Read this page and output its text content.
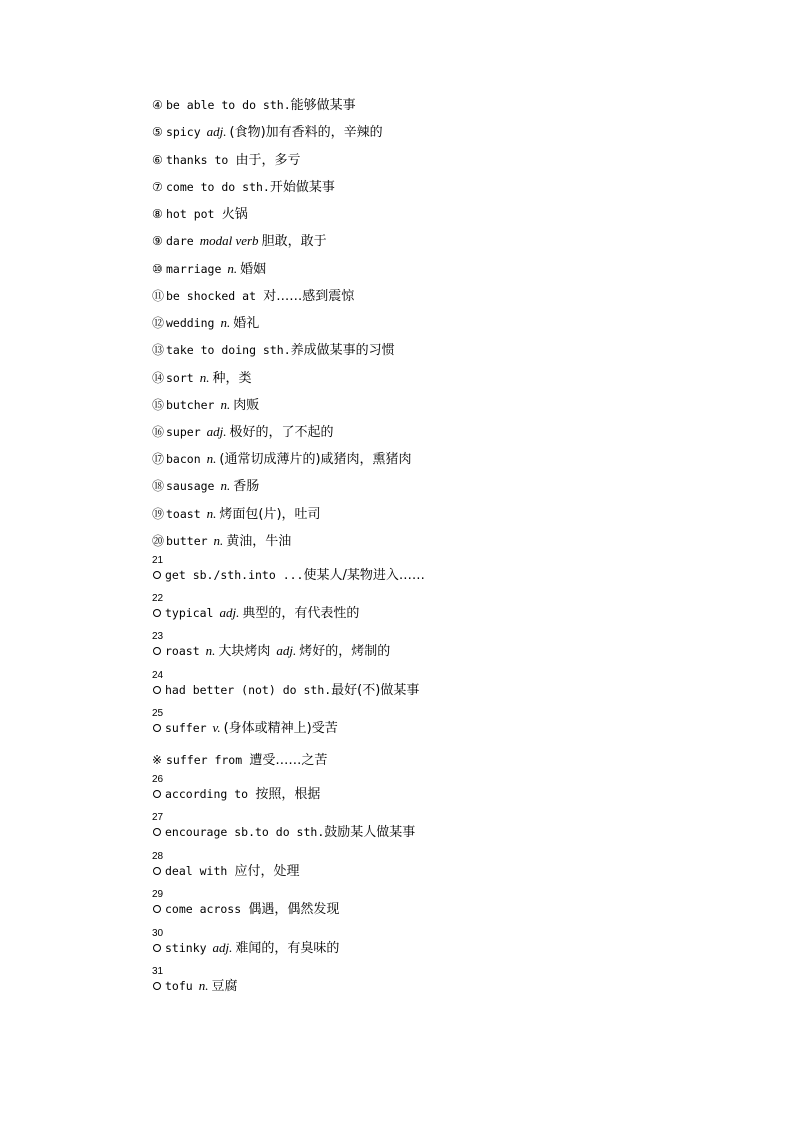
④ be able to do sth.能够做某事
⑤ spicy adj. (食物)加有香料的，辛辣的
⑥ thanks to 由于，多亏
⑦ come to do sth.开始做某事
⑧ hot pot 火锅
⑨ dare modal verb 胆敢，敢于
⑩ marriage n. 婚姻
⑪ be shocked at 对……感到震惊
⑫ wedding n. 婚礼
⑬ take to doing sth.养成做某事的习惯
⑭ sort n. 种，类
⑮ butcher n. 肉贩
⑯ super adj. 极好的，了不起的
⑰ bacon n. (通常切成薄片的)咸猪肉，熏猪肉
⑱ sausage n. 香肠
⑲ toast n. 烤面包(片)，吐司
⑳ butter n. 黄油，牛油
21
get sb./sth.into ...使某人/某物进入……
22
typical adj. 典型的，有代表性的
23
roast n. 大块烤肉 adj. 烤好的，烤制的
24
had better (not) do sth.最好(不)做某事
25
suffer v. (身体或精神上)受苦
※ suffer from 遭受……之苦
26
according to 按照，根据
27
encourage sb.to do sth.鼓励某人做某事
28
deal with 应付，处理
29
come across 偶遇，偶然发现
30
stinky adj. 难闻的，有臭味的
31
tofu n. 豆腐
